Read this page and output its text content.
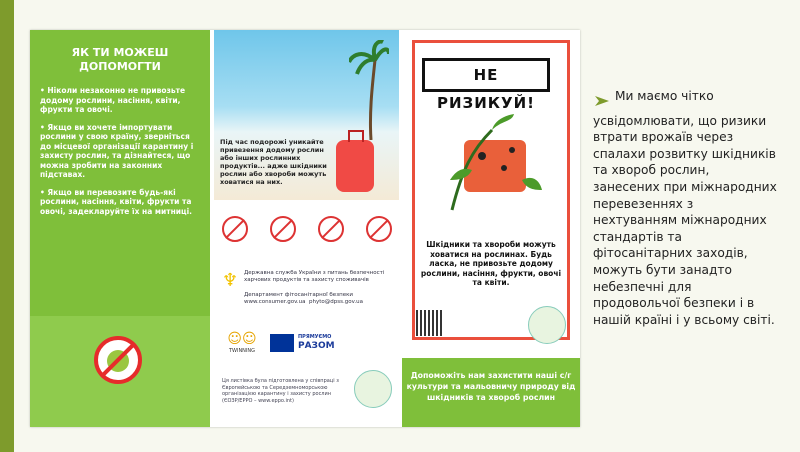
ЯК ТИ МОЖЕШ
ДОПОМОГТИ
• Ніколи незаконно не привозьте додому рослини, насіння, квіти, фрукти та овочі.
• Якщо ви хочете імпортувати рослини у свою країну, зверніться до місцевої організації карантину і захисту рослин, та дізнайтеся, що можна зробити на законних підставах.
• Якщо ви перевозите будь-які рослини, насіння, квіти, фрукти та овочі, задекларуйте їх на митниці.
Під час подорожі уникайте привезення додому рослин або інших рослинних продуктів... адже шкідники рослин або хвороби можуть ховатися на них.
♆ Державна служба України з питань безпечності харчових продуктів та захисту споживачів
Департамент фітосанітарної безпеки
www.consumer.gov.ua phyto@dpss.gov.ua
☺☺
TWINNING
ПРЯМУЄМО
РАЗОМ
Ця листівка була підготовлена у співпраці з Європейською та Середземноморською організацією карантину і захисту рослин (ЄОЗР/EPPO – www.eppo.int)
НЕ РИЗИКУЙ!
Шкідники та хвороби можуть ховатися на рослинах. Будь ласка, не привозьте додому рослини, насіння, фрукти, овочі та квіти.
Допоможіть нам захистити наші с/г культури та мальовничу природу від шкідників та хвороб рослин
Ми маємо чітко
усвідомлювати, що ризики втрати врожаїв через спалахи розвитку шкідників та хвороб рослин, занесених при міжнародних перевезеннях з нехтуванням міжнародних стандартів та фітосанітарних заходів, можуть бути занадто небезпечні для продовольчої безпеки і в нашій країні і у всьому світі.
